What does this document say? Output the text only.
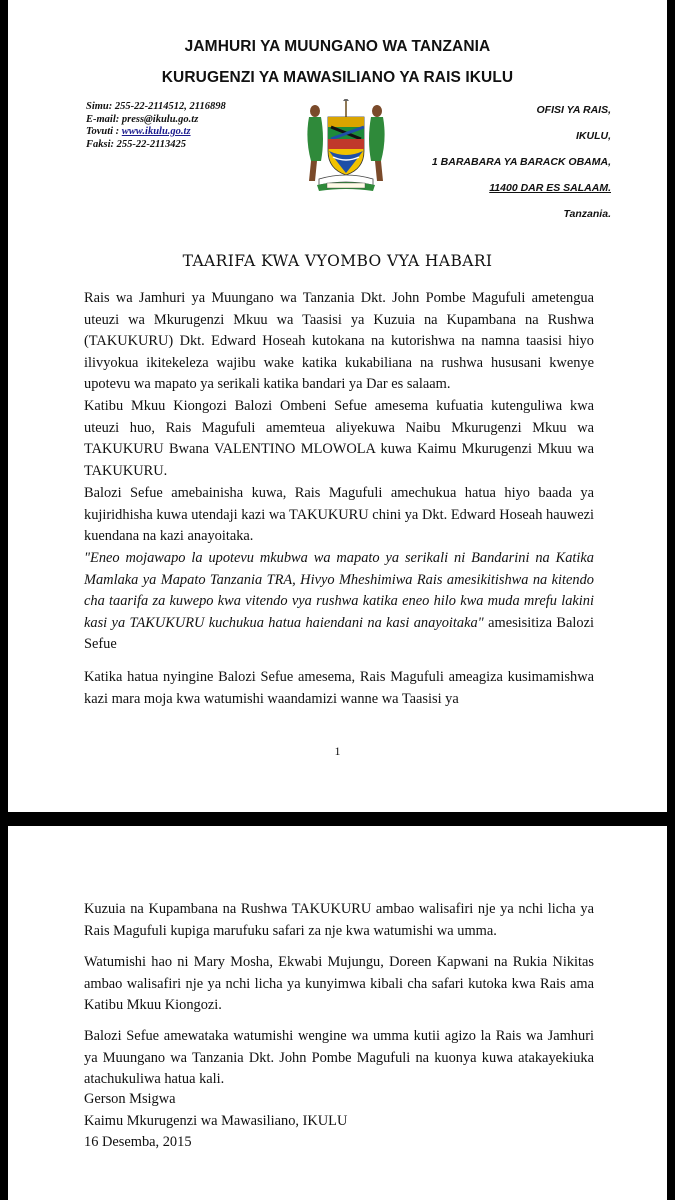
JAMHURI YA MUUNGANO WA TANZANIA
KURUGENZI YA MAWASILIANO YA RAIS IKULU
Simu: 255-22-2114512, 2116898
E-mail: press@ikulu.go.tz
Tovuti : www.ikulu.go.tz
Faksi: 255-22-2113425
OFISI YA RAIS,
IKULU,
1 BARABARA YA BARACK OBAMA,
11400 DAR ES SALAAM.
Tanzania.
TAARIFA KWA VYOMBO VYA HABARI
Rais wa Jamhuri ya Muungano wa Tanzania Dkt. John Pombe Magufuli ametengua uteuzi wa Mkurugenzi Mkuu wa Taasisi ya Kuzuia na Kupambana na Rushwa (TAKUKURU) Dkt. Edward Hoseah kutokana na kutorishwa na namna taasisi hiyo ilivyokua ikitekeleza wajibu wake katika kukabiliana na rushwa hususani kwenye upotevu wa mapato ya serikali katika bandari ya Dar es salaam.
Katibu Mkuu Kiongozi Balozi Ombeni Sefue amesema kufuatia kutenguliwa kwa uteuzi huo, Rais Magufuli amemteua aliyekuwa Naibu Mkurugenzi Mkuu wa TAKUKURU Bwana VALENTINO MLOWOLA kuwa Kaimu Mkurugenzi Mkuu wa TAKUKURU.
Balozi Sefue amebainisha kuwa, Rais Magufuli amechukua hatua hiyo baada ya kujiridhisha kuwa utendaji kazi wa TAKUKURU chini ya Dkt. Edward Hoseah hauwezi kuendana na kazi anayoitaka.
"Eneo mojawapo la upotevu mkubwa wa mapato ya serikali ni Bandarini na Katika Mamlaka ya Mapato Tanzania TRA, Hivyo Mheshimiwa Rais amesikitishwa na kitendo cha taarifa za kuwepo kwa vitendo vya rushwa katika eneo hilo kwa muda mrefu lakini kasi ya TAKUKURU kuchukua hatua haiendani na kasi anayoitaka" amesisitiza Balozi Sefue
Katika hatua nyingine Balozi Sefue amesema, Rais Magufuli ameagiza kusimamishwa kazi mara moja kwa watumishi waandamizi wanne wa Taasisi ya
1
Kuzuia na Kupambana na Rushwa TAKUKURU ambao walisafiri nje ya nchi licha ya Rais Magufuli kupiga marufuku safari za nje kwa watumishi wa umma.
Watumishi hao ni Mary Mosha, Ekwabi Mujungu, Doreen Kapwani na Rukia Nikitas ambao walisafiri nje ya nchi licha ya kunyimwa kibali cha safari kutoka kwa Rais ama Katibu Mkuu Kiongozi.
Balozi Sefue amewataka watumishi wengine wa umma kutii agizo la Rais wa Jamhuri ya Muungano wa Tanzania Dkt. John Pombe Magufuli na kuonya kuwa atakayekiuka atachukuliwa hatua kali.
Gerson Msigwa
Kaimu Mkurugenzi wa Mawasiliano, IKULU
16 Desemba, 2015
